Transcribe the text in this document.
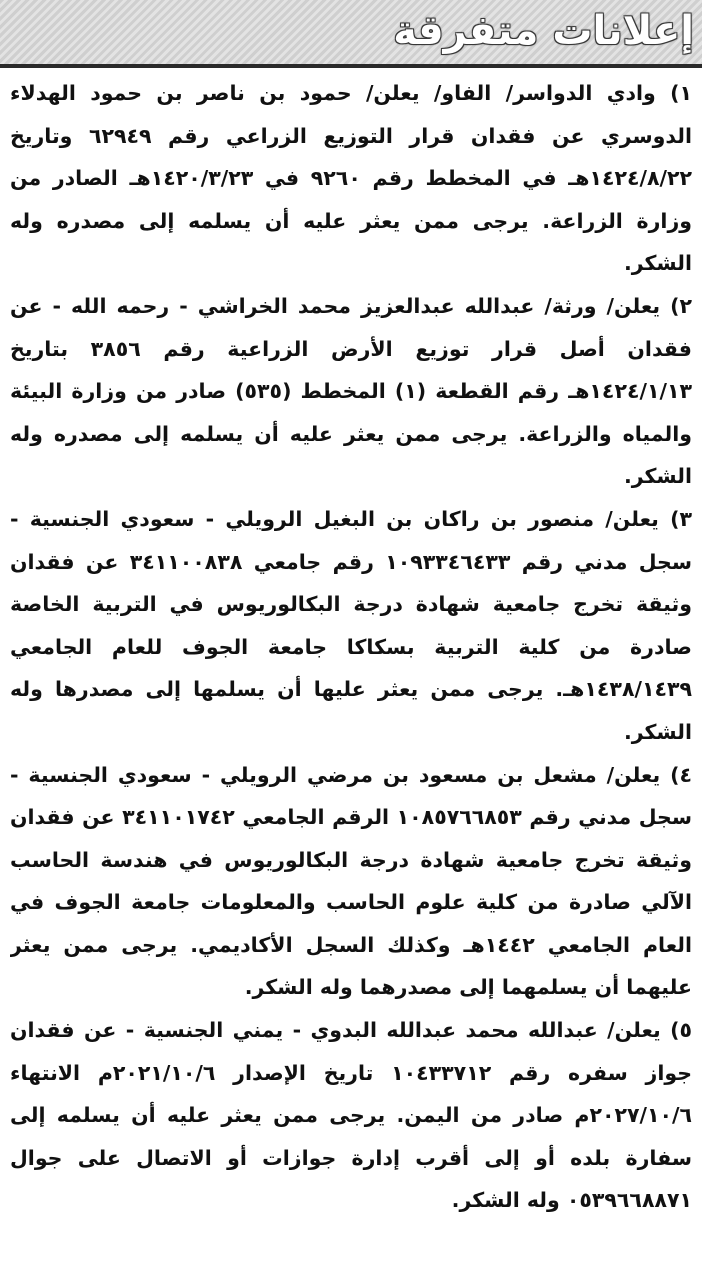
إعلانات متفرقة

١) وادي الدواسر/ الفاو/ يعلن/ حمود بن ناصر بن حمود الهدلاء الدوسري عن فقدان قرار التوزيع الزراعي رقم ٦٢٩٤٩ وتاريخ ١٤٢٤/٨/٢٢هـ في المخطط رقم ٩٢٦٠ في ١٤٢٠/٣/٢٣هـ الصادر من وزارة الزراعة. يرجى ممن يعثر عليه أن يسلمه إلى مصدره وله الشكر.

٢) يعلن/ ورثة/ عبدالله عبدالعزيز محمد الخراشي - رحمه الله - عن فقدان أصل قرار توزيع الأرض الزراعية رقم ٣٨٥٦ بتاريخ ١٤٢٤/١/١٣هـ رقم القطعة (١) المخطط (٥٣٥) صادر من وزارة البيئة والمياه والزراعة. يرجى ممن يعثر عليه أن يسلمه إلى مصدره وله الشكر.

٣) يعلن/ منصور بن راكان بن البغيل الرويلي - سعودي الجنسية - سجل مدني رقم ١٠٩٣٣٤٦٤٣٣ رقم جامعي ٣٤١١٠٠٨٣٨ عن فقدان وثيقة تخرج جامعية شهادة درجة البكالوريوس في التربية الخاصة صادرة من كلية التربية بسكاكا جامعة الجوف للعام الجامعي ١٤٣٨/١٤٣٩هـ. يرجى ممن يعثر عليها أن يسلمها إلى مصدرها وله الشكر.

٤) يعلن/ مشعل بن مسعود بن مرضي الرويلي - سعودي الجنسية - سجل مدني رقم ١٠٨٥٧٦٦٨٥٣ الرقم الجامعي ٣٤١١٠١٧٤٢ عن فقدان وثيقة تخرج جامعية شهادة درجة البكالوريوس في هندسة الحاسب الآلي صادرة من كلية علوم الحاسب والمعلومات جامعة الجوف في العام الجامعي ١٤٤٢هـ وكذلك السجل الأكاديمي. يرجى ممن يعثر عليهما أن يسلمهما إلى مصدرهما وله الشكر.

٥) يعلن/ عبدالله محمد عبدالله البدوي - يمني الجنسية - عن فقدان جواز سفره رقم ١٠٤٣٣٧١٢ تاريخ الإصدار ٢٠٢١/١٠/٦م الانتهاء ٢٠٢٧/١٠/٦م صادر من اليمن. يرجى ممن يعثر عليه أن يسلمه إلى سفارة بلده أو إلى أقرب إدارة جوازات أو الاتصال على جوال ٠٥٣٩٦٦٨٨٧١ وله الشكر.
